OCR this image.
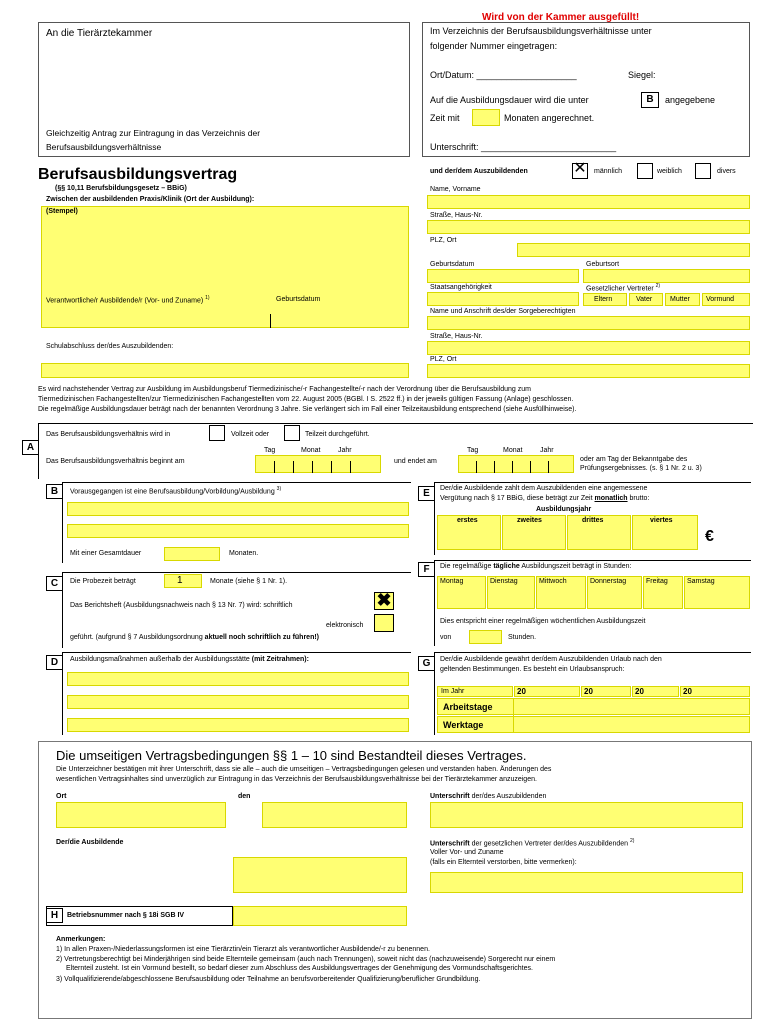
Wird von der Kammer ausgefüllt!
An die Tierärztekammer
Gleichzeitig Antrag zur Eintragung in das Verzeichnis der Berufsausbildungsverhältnisse
Im Verzeichnis der Berufsausbildungsverhältnisse unter
folgender Nummer eingetragen:
Ort/Datum: ____________________	Siegel:
Auf die Ausbildungsdauer wird die unter	B	angegebene
Zeit mit	Monaten angerechnet.
Unterschrift: ___________________________
Berufsausbildungsvertrag
(§§ 10,11 Berufsbildungsgesetz – BBiG)
Zwischen der ausbildenden Praxis/Klinik (Ort der Ausbildung):
(Stempel)
Verantwortliche/r Ausbildende/r (Vor- und Zuname) $^{1)}$	Geburtsdatum
Schulabschluss der/des Auszubildenden:
und der/dem Auszubildenden	✕ männlich	weiblich	divers
Name, Vorname
Straße, Haus-Nr.
PLZ, Ort
Geburtsdatum	Geburtsort
Staatsangehörigkeit	Gesetzlicher Vertreter $^{2)}$
Eltern	Vater	Mutter Vormund
Name und Anschrift des/der Sorgeberechtigten
Straße, Haus-Nr.
PLZ, Ort
Es wird nachstehender Vertrag zur Ausbildung im Ausbildungsberuf Tiermedizinische/-r Fachangestellte/-r nach der Verordnung über die Berufsausbildung zum
Tiermedizinischen Fachangestellten/zur Tiermedizinischen Fachangestellten vom 22. August 2005 (BGBl. I S. 2522 ff.) in der jeweils gültigen Fassung (Anlage) geschlossen.
Die regelmäßige Ausbildungsdauer beträgt nach der benannten Verordnung 3 Jahre. Sie verlängert sich im Fall einer Teilzeitausbildung entsprechend (siehe Ausfüllhinweise).
A
Das Berufsausbildungsverhältnis wird in	Vollzeit oder	Teilzeit durchgeführt.
Tag	Monat	Jahr
Das Berufsausbildungsverhältnis beginnt am
Tag	Monat	Jahr
und endet am	oder am Tag der Bekanntgabe des
Prüfungsergebnisses. (s. § 1 Nr. 2 u. 3)
B	Vorausgegangen ist eine Berufsausbildung/Vorbildung/Ausbildung $^{3)}$
Mit einer Gesamtdauer	Monaten.
C	Die Probezeit beträgt	1	Monate (siehe § 1 Nr. 1).
Das Berichtsheft (Ausbildungsnachweis nach § 13 Nr. 7) wird: schriftlich	✖
elektronisch
geführt. (aufgrund § 7 Ausbildungsordnung aktuell noch schriftlich zu führen!)
D	Ausbildungsmaßnahmen außerhalb der Ausbildungsstätte (mit Zeitrahmen):
E	Der/die Ausbildende zahlt dem Auszubildenden eine angemessene
Vergütung nach § 17 BBiG, diese beträgt zur Zeit monatlich brutto:
Ausbildungsjahr
erstes	zweites	drittes	viertes
€
F	Die regelmäßige tägliche Ausbildungszeit beträgt in Stunden:
Montag	Dienstag	Mittwoch	Donnerstag	Freitag	Samstag
Dies entspricht einer regelmäßigen wöchentlichen Ausbildungszeit
von	Stunden.
G	Der/die Ausbildende gewährt der/dem Auszubildenden Urlaub nach den
geltenden Bestimmungen. Es besteht ein Urlaubsanspruch:
Im Jahr	20	20	20	20
Arbeitstage
Werktage
Die umseitigen Vertragsbedingungen §§ 1 – 10 sind Bestandteil dieses Vertrages.
Die Unterzeichner bestätigen mit ihrer Unterschrift, dass sie alle – auch die umseitigen – Vertragsbedingungen gelesen und verstanden haben. Änderungen des
wesentlichen Vertragsinhaltes sind unverzüglich zur Eintragung in das Verzeichnis der Berufsausbildungsverhältnisse bei der Tierärztekammer anzuzeigen.
Ort	den	Unterschrift der/des Auszubildenden
Der/die Ausbildende	Unterschrift der gesetzlichen Vertreter der/des Auszubildenden $^{2)}$
Voller Vor- und Zuname
(falls ein Elternteil verstorben, bitte vermerken):
H	Betriebsnummer nach § 18i SGB IV
Anmerkungen:
1) In allen Praxen-/Niederlassungsformen ist eine Tierärztin/ein Tierarzt als verantwortlicher Ausbildende/-r zu benennen.
2) Vertretungsberechtigt bei Minderjährigen sind beide Elternteile gemeinsam (auch nach Trennungen), soweit nicht das (nachzuweisende) Sorgerecht nur einem
Elternteil zusteht. Ist ein Vormund bestellt, so bedarf dieser zum Abschluss des Ausbildungsvertrages der Genehmigung des Vormundschaftsgerichtes.
3) Vollqualifizierende/abgeschlossene Berufsausbildung oder Teilnahme an berufsvorbereitender Qualifizierung/beruflicher Grundbildung.
